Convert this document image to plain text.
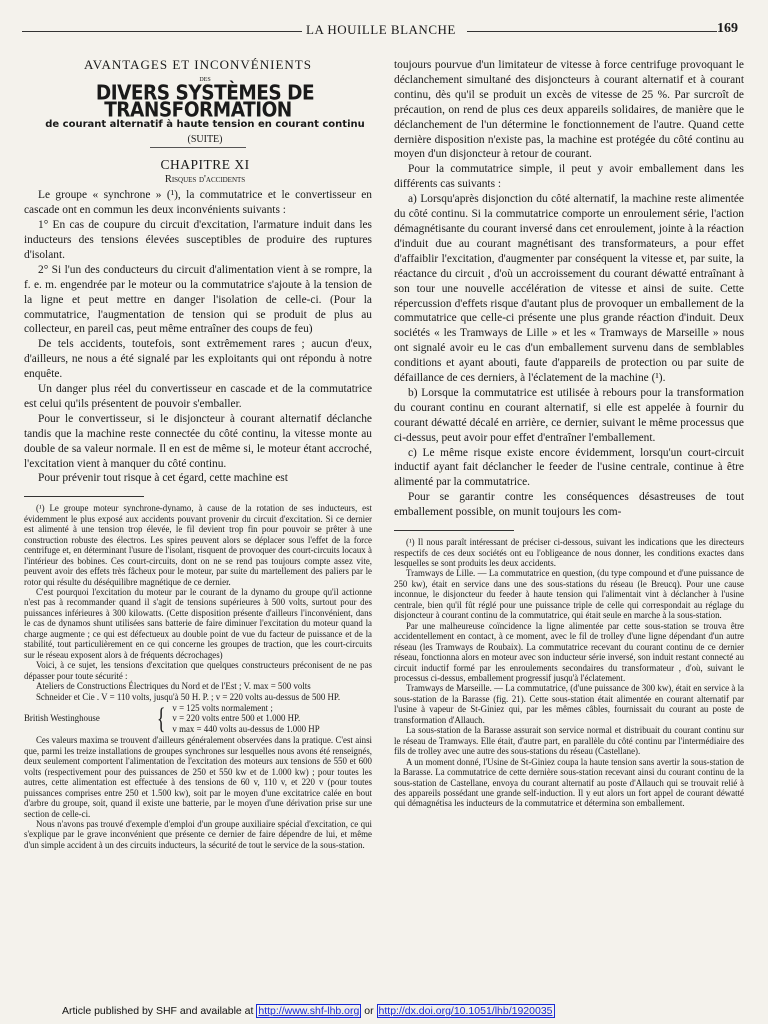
LA HOUILLE BLANCHE	169

AVANTAGES ET INCONVÉNIENTS

DES

DIVERS SYSTÈMES DE TRANSFORMATION

de courant alternatif à haute tension en courant continu

(SUITE)

CHAPITRE XI

Risques d'accidents

Le groupe « synchrone » (¹), la commutatrice et le convertisseur en cascade ont en commun les deux inconvénients suivants :

1° En cas de coupure du circuit d'excitation, l'armature induit dans les inducteurs des tensions élevées susceptibles de produire des ruptures d'isolant.

2° Si l'un des conducteurs du circuit d'alimentation vient à se rompre, la f. e. m. engendrée par le moteur ou la commutatrice s'ajoute à la tension de la ligne et peut mettre en danger l'isolation de celle-ci. (Pour la commutatrice, l'augmentation de tension qui se produit de plus au collecteur, en pareil cas, peut même entraîner des coups de feu)

De tels accidents, toutefois, sont extrêmement rares ; aucun d'eux, d'ailleurs, ne nous a été signalé par les exploitants qui ont répondu à notre enquête.

Un danger plus réel du convertisseur en cascade et de la commutatrice est celui qu'ils présentent de pouvoir s'emballer.

Pour le convertisseur, si le disjoncteur à courant alternatif déclanche tandis que la machine reste connectée du côté continu, la vitesse monte au double de sa valeur normale. Il en est de même si, le moteur étant accroché, l'excitation vient à manquer du côté continu.

Pour prévenir tout risque à cet égard, cette machine est

(¹) Le groupe moteur synchrone-dynamo, à cause de la rotation de ses inducteurs, est évidemment le plus exposé aux accidents pouvant provenir du circuit d'excitation. Si ce dernier est alimenté à une tension trop élevée, le fil devient trop fin pour pouvoir se prêter à une construction robuste des électros. Les spires peuvent alors se déplacer sous l'effet de la force centrifuge et, en déterminant l'usure de l'isolant, risquent de provoquer des court-circuits locaux à l'intérieur des bobines. Ces court-circuits, dont on ne se rend pas toujours compte assez vite, peuvent avoir des effets très fâcheux pour le moteur, par suite du martellement des paliers par le rotor qui résulte du déséquilibre magnétique de ce dernier.

C'est pourquoi l'excitation du moteur par le courant de la dynamo du groupe qu'il actionne n'est pas à recommander quand il s'agit de tensions supérieures à 500 volts, surtout pour des puissances inférieures à 300 kilowatts. (Cette disposition présente d'ailleurs l'inconvénient, dans le cas de dynamos shunt utilisées sans batterie de faire diminuer l'excitation du moteur quand la charge augmente ; ce qui est défectueux au double point de vue du facteur de puissance et de la stabilité, tout particulièrement en ce qui concerne les groupes de traction, que les court-circuits sur le réseau exposent alors à de fréquents décrochages)

Voici, à ce sujet, les tensions d'excitation que quelques constructeurs préconisent de ne pas dépasser pour toute sécurité :

Ateliers de Constructions Électriques du Nord et de l'Est ; V. max = 500 volts

Schneider et Cie . V = 110 volts, jusqu'à 50 H. P. ; v = 220 volts au-dessus de 500 HP.

British Westinghouse	{ v = 125 volts normalement ;
v = 220 volts entre 500 et 1.000 HP.
v max = 440 volts au-dessus de 1.000 HP

Ces valeurs maxima se trouvent d'ailleurs généralement observées dans la pratique. C'est ainsi que, parmi les treize installations de groupes synchrones sur lesquelles nous avons été renseignés, deux seulement comportent l'alimentation de l'excitation des moteurs aux tensions de 550 et 600 volts (respectivement pour des puissances de 250 et 550 kw et de 1.000 kw) ; pour toutes les autres, cette alimentation est effectuée à des tensions de 60 v, 110 v, et 220 v (pour toutes puissances comprises entre 250 et 1.500 kw), soit par le moyen d'une excitatrice calée en bout d'arbre du groupe, soit, quand il existe une batterie, par le moyen d'une dérivation prise sur une section de celle-ci.

Nous n'avons pas trouvé d'exemple d'emploi d'un groupe auxiliaire spécial d'excitation, ce qui s'explique par le grave inconvénient que présente ce dernier de faire dépendre de lui, et même d'un simple accident à un des circuits inducteurs, la sécurité de tout le service de la sous-station.

toujours pourvue d'un limitateur de vitesse à force centrifuge provoquant le déclanchement simultané des disjoncteurs à courant alternatif et à courant continu, dès qu'il se produit un excès de vitesse de 25 %. Par surcroît de précaution, on rend de plus ces deux appareils solidaires, de manière que le déclanchement de l'un détermine le fonctionnement de l'autre. Quand cette dernière disposition n'existe pas, la machine est protégée du côté continu au moyen d'un disjoncteur à retour de courant.

Pour la commutatrice simple, il peut y avoir emballement dans les différents cas suivants :

a) Lorsqu'après disjonction du côté alternatif, la machine reste alimentée du côté continu. Si la commutatrice comporte un enroulement série, l'action démagnétisante du courant inversé dans cet enroulement, jointe à la réaction d'induit due au courant magnétisant des transformateurs, a pour effet d'affaiblir l'excitation, d'augmenter par conséquent la vitesse et, par suite, la réactance du circuit , d'où un accroissement du courant déwatté entraînant à son tour une nouvelle accélération de vitesse et ainsi de suite. Cette répercussion d'effets risque d'autant plus de provoquer un emballement de la commutatrice que celle-ci présente une plus grande réaction d'induit. Deux sociétés « les Tramways de Lille » et les « Tramways de Marseille » nous ont signalé avoir eu le cas d'un emballement survenu dans de semblables conditions et ayant abouti, faute d'appareils de protection ou par suite de défaillance de ces derniers, à l'éclatement de la machine (¹).

b) Lorsque la commutatrice est utilisée à rebours pour la transformation du courant continu en courant alternatif, si elle est appelée à fournir du courant déwatté décalé en arrière, ce dernier, suivant le même processus que ci-dessus, peut avoir pour effet d'entraîner l'emballement.

c) Le même risque existe encore évidemment, lorsqu'un court-circuit inductif ayant fait déclancher le feeder de l'usine centrale, continue à être alimenté par la commutatrice.

Pour se garantir contre les conséquences désastreuses de tout emballement possible, on munit toujours les com-

(¹) Il nous paraît intéressant de préciser ci-dessous, suivant les indications que les directeurs respectifs de ces deux sociétés ont eu l'obligeance de nous donner, les conditions exactes dans lesquelles se sont produits les deux accidents.

Tramways de Lille. — La commutatrice en question, (du type compound et d'une puissance de 250 kw), était en service dans une des sous-stations du réseau (le Breucq). Pour une cause inconnue, le disjoncteur du feeder à haute tension qui l'alimentait vint à déclancher à l'usine centrale, bien qu'il fût réglé pour une puissance triple de celle qui correspondait au réglage du disjoncteur à courant continu de la commutatrice, qui était seule en marche à la sous-station.

Par une malheureuse coïncidence la ligne alimentée par cette sous-station se trouva être accidentellement en contact, à ce moment, avec le fil de trolley d'une ligne dépendant d'un autre réseau (les Tramways de Roubaix). La commutatrice recevant du courant continu de ce dernier réseau, fonctionna alors en moteur avec son inducteur série inversé, son induit restant connecté au circuit inductif formé par les enroulements secondaires du transformateur , d'où, suivant le processus ci-dessus, emballement progressif jusqu'à l'éclatement.

Tramways de Marseille. — La commutatrice, (d'une puissance de 300 kw), était en service à la sous-station de la Barasse (fig. 21). Cette sous-station était alimentée en courant alternatif par l'usine à vapeur de St-Giniez qui, par les mêmes câbles, fournissait du courant au poste de transformation d'Allauch.

La sous-station de la Barasse assurait son service normal et distribuait du courant continu sur le réseau de Tramways. Elle était, d'autre part, en parallèle du côté continu par l'intermédiaire des fils de trolley avec une autre des sous-stations du réseau (Castellane).

A un moment donné, l'Usine de St-Giniez coupa la haute tension sans avertir la sous-station de la Barasse. La commutatrice de cette dernière sous-station recevant ainsi du courant continu de la sous-station de Castellane, envoya du courant alternatif au poste d'Allauch qui se trouvait relié à des appareils possédant une grande self-induction. Il y eut alors un fort appel de courant déwatté qui démagnétisa les inducteurs de la commutatrice et détermina son emballement.

Article published by SHF and available at http://www.shf-lhb.org or http://dx.doi.org/10.1051/lhb/1920035
